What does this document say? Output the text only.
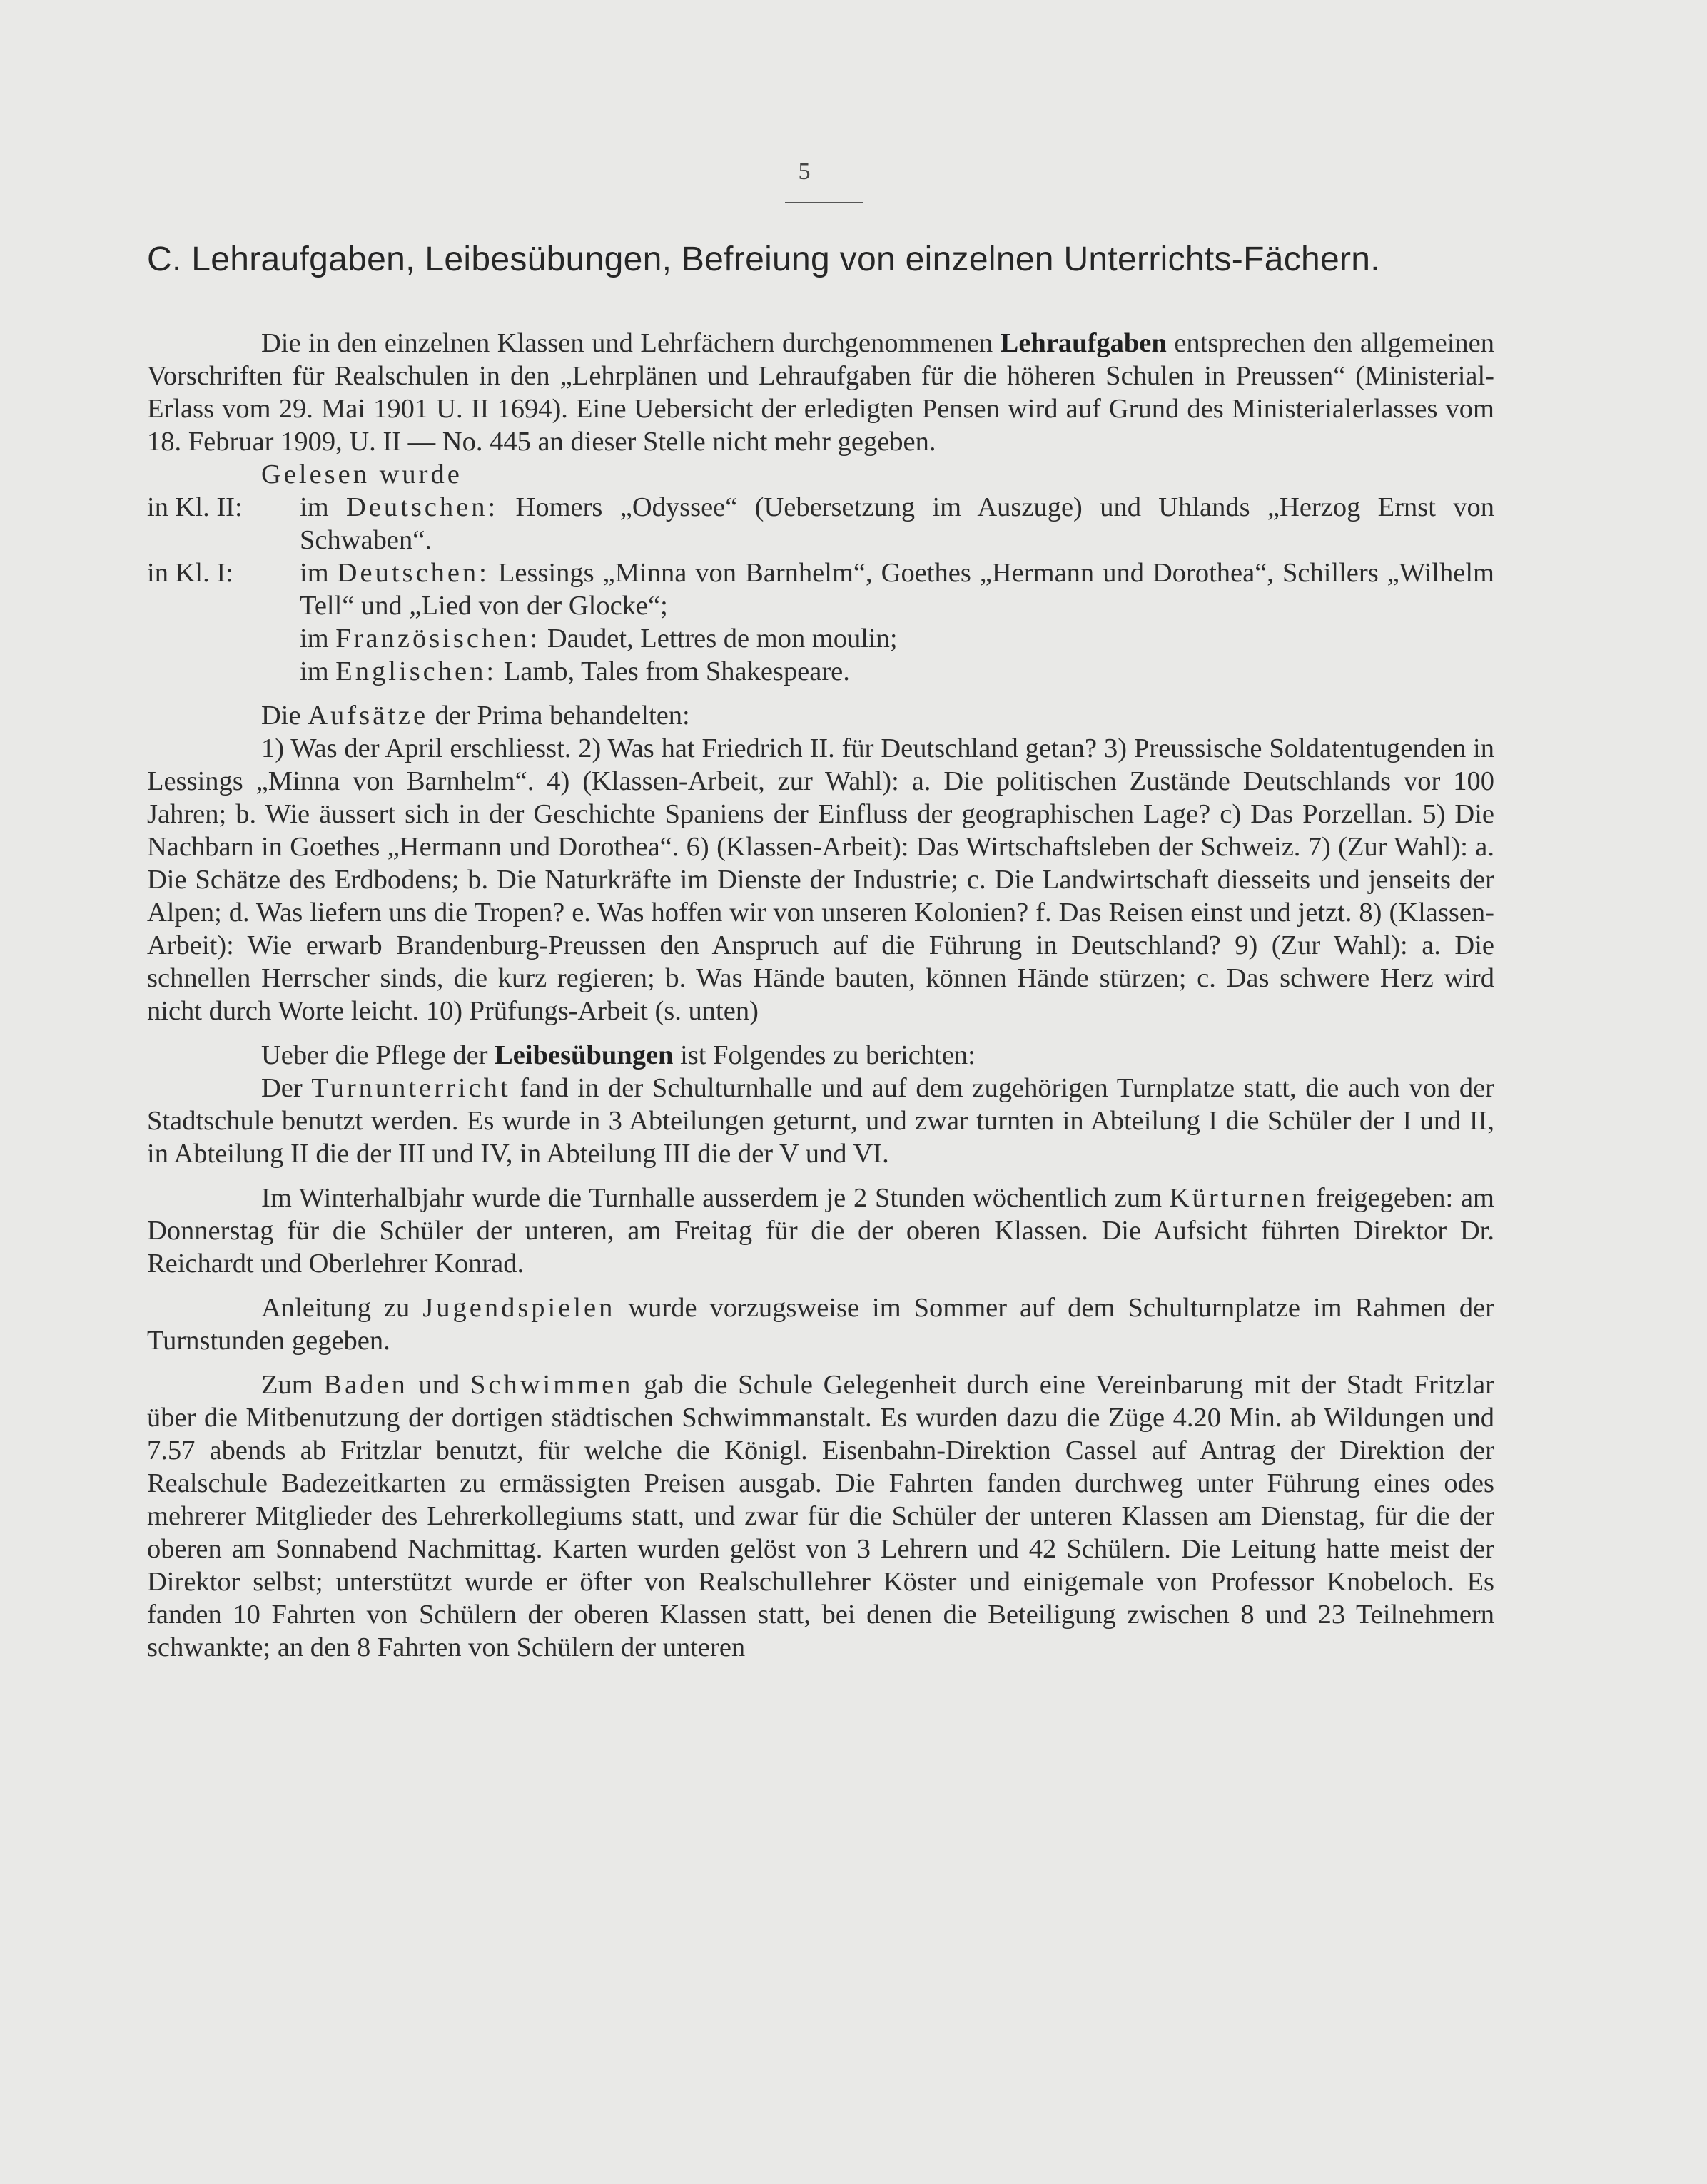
5
C. Lehraufgaben, Leibesübungen, Befreiung von einzelnen Unterrichts-Fächern.

Die in den einzelnen Klassen und Lehrfächern durchgenommenen Lehraufgaben entsprechen den allgemeinen Vorschriften für Realschulen in den „Lehrplänen und Lehraufgaben für die höheren Schulen in Preussen“ (Ministerial-Erlass vom 29. Mai 1901 U. II 1694). Eine Uebersicht der erledigten Pensen wird auf Grund des Ministerialerlasses vom 18. Februar 1909, U. II — No. 445 an dieser Stelle nicht mehr gegeben.

Gelesen wurde

in Kl. II:	im Deutschen: Homers „Odyssee“ (Uebersetzung im Auszuge) und Uhlands „Herzog Ernst von Schwaben“.

in Kl. I:	im Deutschen: Lessings „Minna von Barnhelm“, Goethes „Hermann und Dorothea“, Schillers „Wilhelm Tell“ und „Lied von der Glocke“;

im Französischen: Daudet, Lettres de mon moulin;

im Englischen: Lamb, Tales from Shakespeare.

Die Aufsätze der Prima behandelten:

1) Was der April erschliesst. 2) Was hat Friedrich II. für Deutschland getan? 3) Preussische Soldatentugenden in Lessings „Minna von Barnhelm“. 4) (Klassen-Arbeit, zur Wahl): a. Die politischen Zustände Deutschlands vor 100 Jahren; b. Wie äussert sich in der Geschichte Spaniens der Einfluss der geographischen Lage? c) Das Porzellan. 5) Die Nachbarn in Goethes „Hermann und Dorothea“. 6) (Klassen-Arbeit): Das Wirtschaftsleben der Schweiz. 7) (Zur Wahl): a. Die Schätze des Erdbodens; b. Die Naturkräfte im Dienste der Industrie; c. Die Landwirtschaft diesseits und jenseits der Alpen; d. Was liefern uns die Tropen? e. Was hoffen wir von unseren Kolonien? f. Das Reisen einst und jetzt. 8) (Klassen-Arbeit): Wie erwarb Brandenburg-Preussen den Anspruch auf die Führung in Deutschland? 9) (Zur Wahl): a. Die schnellen Herrscher sinds, die kurz regieren; b. Was Hände bauten, können Hände stürzen; c. Das schwere Herz wird nicht durch Worte leicht. 10) Prüfungs-Arbeit (s. unten)

Ueber die Pflege der Leibesübungen ist Folgendes zu berichten:

Der Turnunterricht fand in der Schulturnhalle und auf dem zugehörigen Turnplatze statt, die auch von der Stadtschule benutzt werden. Es wurde in 3 Abteilungen geturnt, und zwar turnten in Abteilung I die Schüler der I und II, in Abteilung II die der III und IV, in Abteilung III die der V und VI.

Im Winterhalbjahr wurde die Turnhalle ausserdem je 2 Stunden wöchentlich zum Kürturnen freigegeben: am Donnerstag für die Schüler der unteren, am Freitag für die der oberen Klassen. Die Aufsicht führten Direktor Dr. Reichardt und Oberlehrer Konrad.

Anleitung zu Jugendspielen wurde vorzugsweise im Sommer auf dem Schulturnplatze im Rahmen der Turnstunden gegeben.

Zum Baden und Schwimmen gab die Schule Gelegenheit durch eine Vereinbarung mit der Stadt Fritzlar über die Mitbenutzung der dortigen städtischen Schwimmanstalt. Es wurden dazu die Züge 4.20 Min. ab Wildungen und 7.57 abends ab Fritzlar benutzt, für welche die Königl. Eisenbahn-Direktion Cassel auf Antrag der Direktion der Realschule Badezeitkarten zu ermässigten Preisen ausgab. Die Fahrten fanden durchweg unter Führung eines odes mehrerer Mitglieder des Lehrerkollegiums statt, und zwar für die Schüler der unteren Klassen am Dienstag, für die der oberen am Sonnabend Nachmittag. Karten wurden gelöst von 3 Lehrern und 42 Schülern. Die Leitung hatte meist der Direktor selbst; unterstützt wurde er öfter von Realschullehrer Köster und einigemale von Professor Knobeloch. Es fanden 10 Fahrten von Schülern der oberen Klassen statt, bei denen die Beteiligung zwischen 8 und 23 Teilnehmern schwankte; an den 8 Fahrten von Schülern der unteren
